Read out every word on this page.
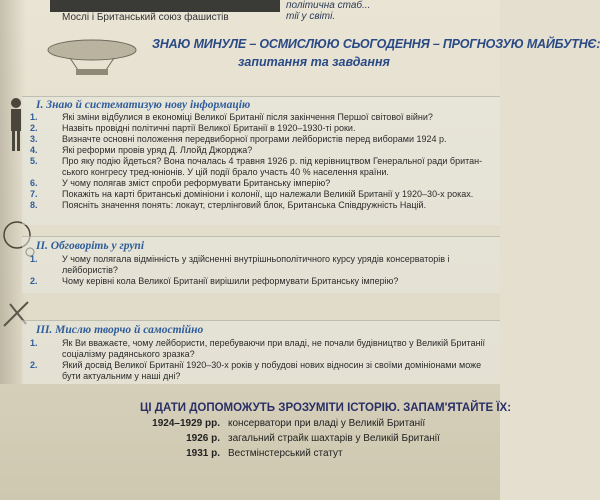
Мослі і Британський союз фашистів
політична стаб...
тії у світі.
ЗНАЮ МИНУЛЕ – ОСМИСЛЮЮ СЬОГОДЕННЯ – ПРОГНОЗУЮ МАЙБУТНЄ:
запитання та завдання
I. Знаю й систематизую нову інформацію
1.	Які зміни відбулися в економіці Великої Британії після закінчення Першої світової війни?
2.	Назвіть провідні політичні партії Великої Британії в 1920–1930-ті роки.
3.	Визначте основні положення передвиборної програми лейбористів перед виборами 1924 р.
4.	Які реформи провів уряд Д. Ллойд Джорджа?
5.	Про яку подію йдеться? Вона почалась 4 травня 1926 р. під керівництвом Генеральної ради британ-
ського конгресу тред-юніонів. У цій події брало участь 40 % населення країни.
6.	У чому полягав зміст спроби реформувати Британську імперію?
7.	Покажіть на карті британські домініони і колонії, що належали Великій Британії у 1920–30-х роках.
8.	Поясніть значення понять: локаут, стерлінговий блок, Британська Співдружність Націй.
II. Обговоріть у групі
1.	У чому полягала відмінність у здійсненні внутрішньополітичного курсу урядів консерваторів і
лейбористів?
2.	Чому керівні кола Великої Британії вирішили реформувати Британську імперію?
III. Мислю творчо й самостійно
1.	Як Ви вважаєте, чому лейбористи, перебуваючи при владі, не почали будівництво у Великій Британії
соціалізму радянського зразка?
2.	Який досвід Великої Британії 1920–30-х років у побудові нових відносин зі своїми домініонами може
бути актуальним у наші дні?
ЦІ ДАТИ ДОПОМОЖУТЬ ЗРОЗУМІТИ ІСТОРІЮ. ЗАПАМ'ЯТАЙТЕ ЇХ:
1924–1929 рр. консерватори при владі у Великій Британії
1926 р. загальний страйк шахтарів у Великій Британії
1931 р. Вестмінстерський статут
